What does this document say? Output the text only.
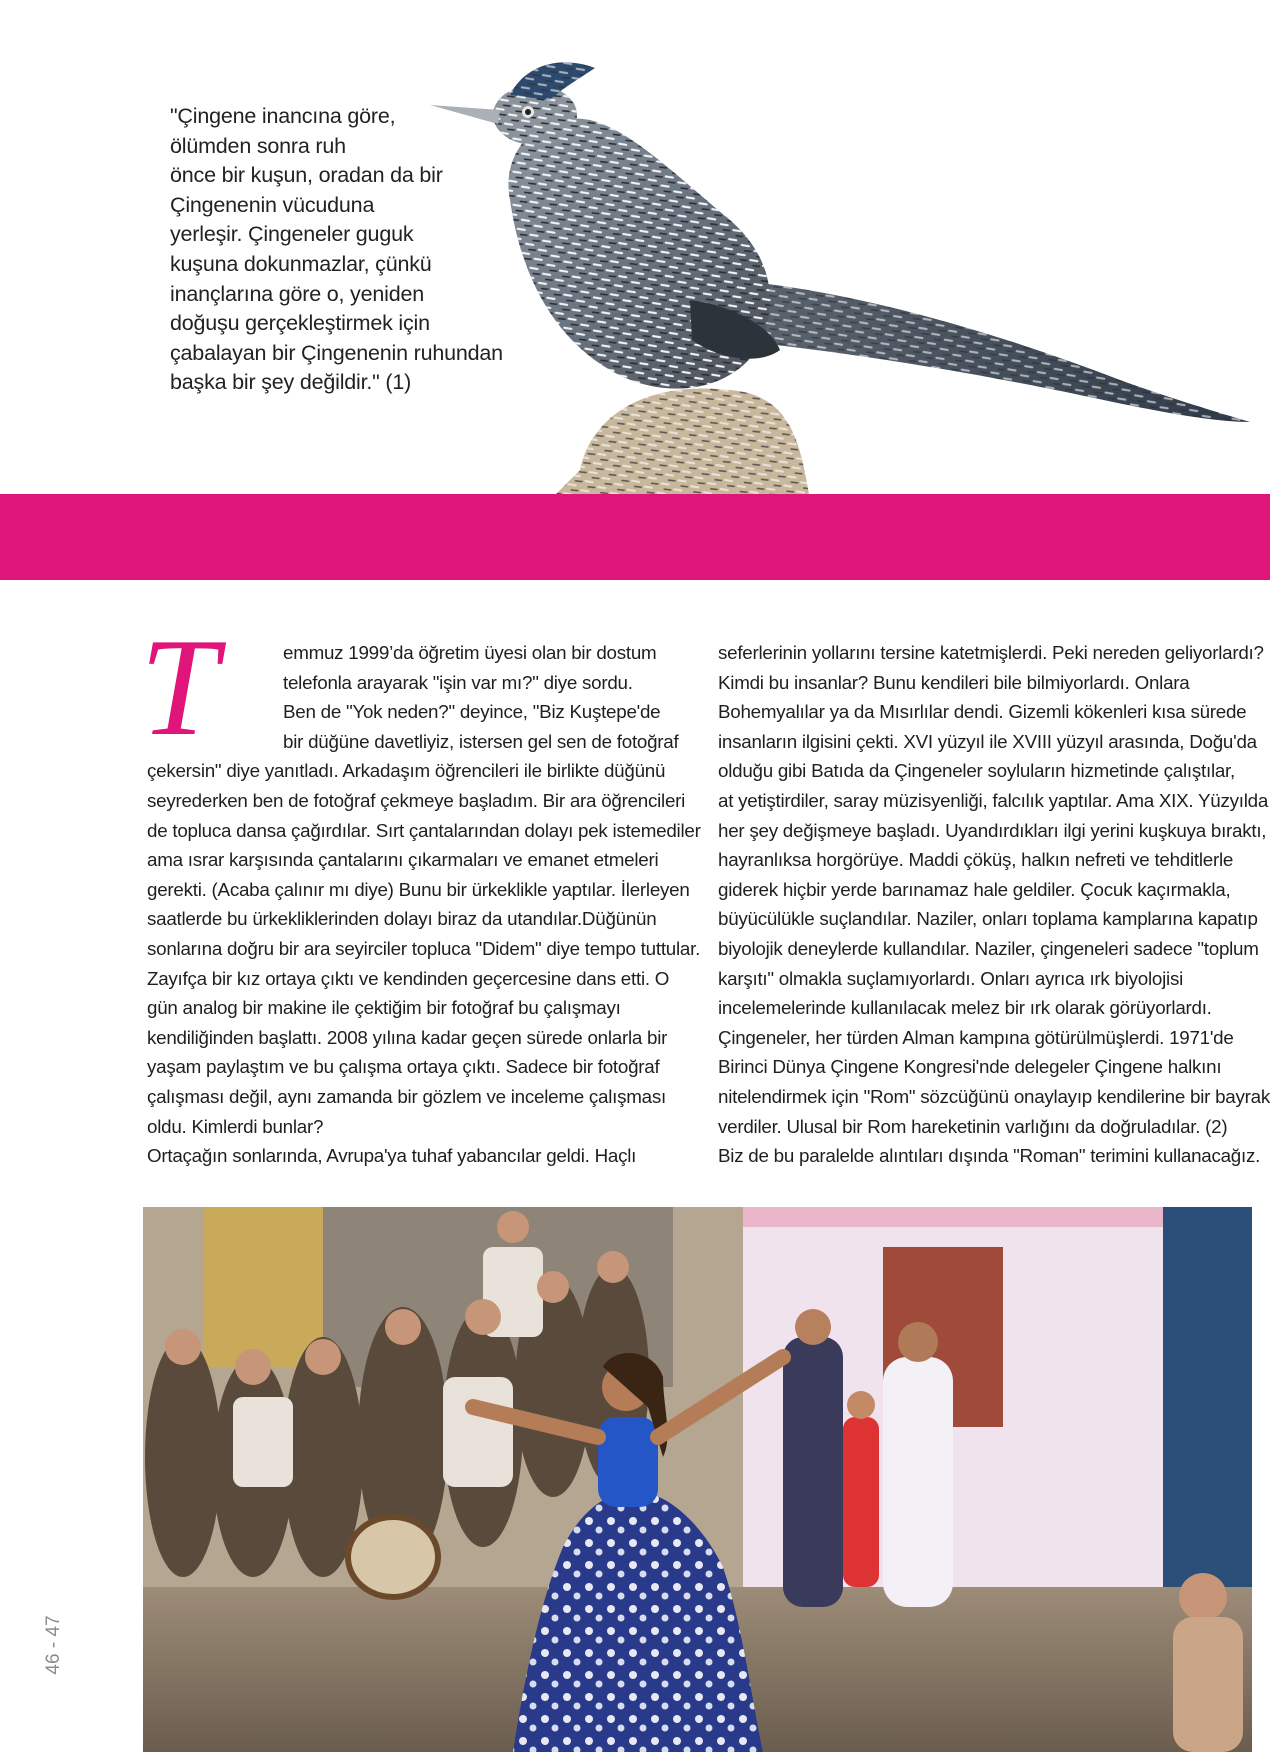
"Çingene inancına göre,
ölümden sonra ruh
önce bir kuşun, oradan da bir
Çingenenin vücuduna
yerleşir. Çingeneler guguk
kuşuna dokunmazlar, çünkü
inançlarına göre o, yeniden
doğuşu gerçekleştirmek için
çabalayan bir Çingenenin ruhundan
başka bir şey değildir." (1)
T	emmuz 1999’da öğretim üyesi olan bir dostum
telefonla arayarak "işin var mı?" diye sordu.
Ben de "Yok neden?" deyince, "Biz Kuştepe'de
bir düğüne davetliyiz, istersen gel sen de fotoğraf
çekersin" diye yanıtladı. Arkadaşım öğrencileri ile birlikte düğünü
seyrederken ben de fotoğraf çekmeye başladım. Bir ara öğrencileri
de topluca dansa çağırdılar. Sırt çantalarından dolayı pek istemediler
ama ısrar karşısında çantalarını çıkarmaları ve emanet etmeleri
gerekti. (Acaba çalınır mı diye) Bunu bir ürkeklikle yaptılar. İlerleyen
saatlerde bu ürkekliklerinden dolayı biraz da utandılar.Düğünün
sonlarına doğru bir ara seyirciler topluca "Didem" diye tempo tuttular.
Zayıfça bir kız ortaya çıktı ve kendinden geçercesine dans etti. O
gün analog bir makine ile çektiğim bir fotoğraf bu çalışmayı
kendiliğinden başlattı. 2008 yılına kadar geçen sürede onlarla bir
yaşam paylaştım ve bu çalışma ortaya çıktı. Sadece bir fotoğraf
çalışması değil, aynı zamanda bir gözlem ve inceleme çalışması
oldu. Kimlerdi bunlar?
Ortaçağın sonlarında, Avrupa'ya tuhaf yabancılar geldi. Haçlı
seferlerinin yollarını tersine katetmişlerdi. Peki nereden geliyorlardı?
Kimdi bu insanlar? Bunu kendileri bile bilmiyorlardı. Onlara
Bohemyalılar ya da Mısırlılar dendi. Gizemli kökenleri kısa sürede
insanların ilgisini çekti. XVI yüzyıl ile XVIII yüzyıl arasında, Doğu'da
olduğu gibi Batıda da Çingeneler soyluların hizmetinde çalıştılar,
at yetiştirdiler, saray müzisyenliği, falcılık yaptılar. Ama XIX. Yüzyılda
her şey değişmeye başladı. Uyandırdıkları ilgi yerini kuşkuya bıraktı,
hayranlıksa horgörüye. Maddi çöküş, halkın nefreti ve tehditlerle
giderek hiçbir yerde barınamaz hale geldiler. Çocuk kaçırmakla,
büyücülükle suçlandılar. Naziler, onları toplama kamplarına kapatıp
biyolojik deneylerde kullandılar. Naziler, çingeneleri sadece "toplum
karşıtı" olmakla suçlamıyorlardı. Onları ayrıca ırk biyolojisi
incelemelerinde kullanılacak melez bir ırk olarak görüyorlardı.
Çingeneler, her türden Alman kampına götürülmüşlerdi. 1971'de
Birinci Dünya Çingene Kongresi'nde delegeler Çingene halkını
nitelendirmek için "Rom" sözcüğünü onaylayıp kendilerine bir bayrak
verdiler. Ulusal bir Rom hareketinin varlığını da doğruladılar. (2)
Biz de bu paralelde alıntıları dışında "Roman" terimini kullanacağız.
46 - 47
